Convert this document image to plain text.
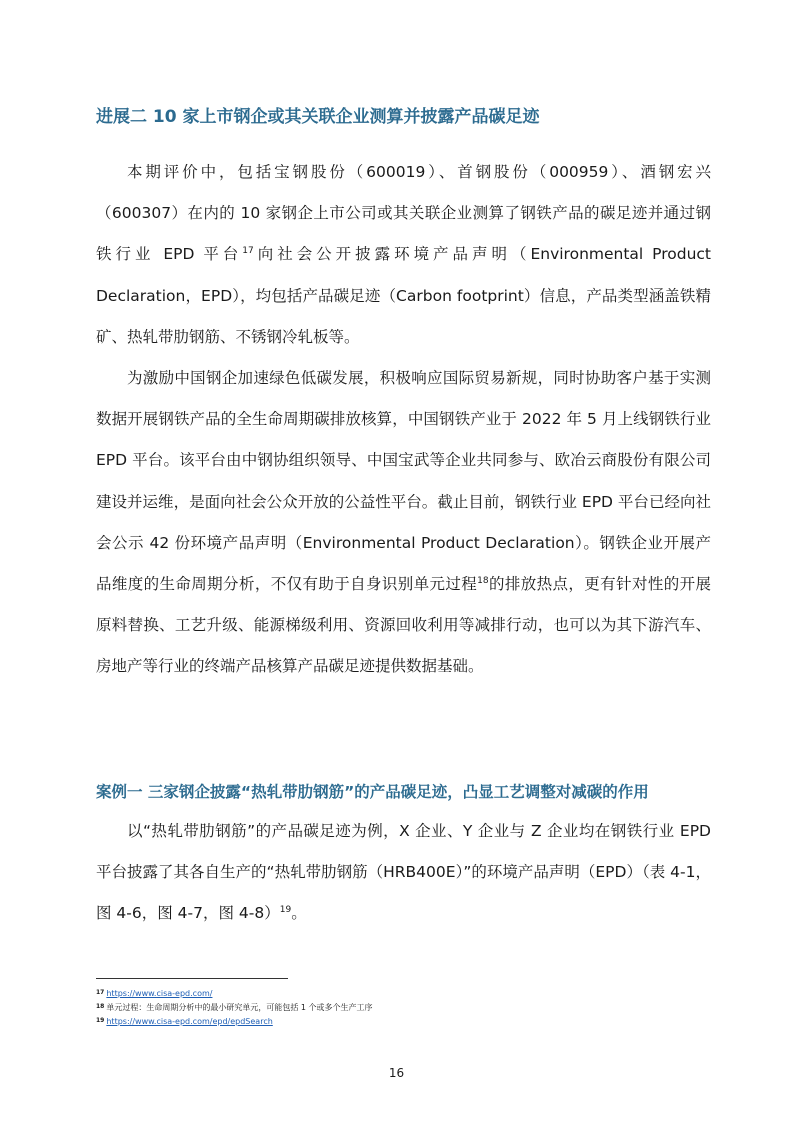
进展二 10 家上市钢企或其关联企业测算并披露产品碳足迹

本期评价中，包括宝钢股份（600019）、首钢股份（000959）、酒钢宏兴（600307）在内的 10 家钢企上市公司或其关联企业测算了钢铁产品的碳足迹并通过钢铁行业 EPD 平台$^{17}$向社会公开披露环境产品声明（Environmental Product Declaration，EPD），均包括产品碳足迹（Carbon footprint）信息，产品类型涵盖铁精矿、热轧带肋钢筋、不锈钢冷轧板等。

为激励中国钢企加速绿色低碳发展，积极响应国际贸易新规，同时协助客户基于实测数据开展钢铁产品的全生命周期碳排放核算，中国钢铁产业于 2022 年 5 月上线钢铁行业 EPD 平台。该平台由中钢协组织领导、中国宝武等企业共同参与、欧冶云商股份有限公司建设并运维，是面向社会公众开放的公益性平台。截止目前，钢铁行业 EPD 平台已经向社会公示 42 份环境产品声明（Environmental Product Declaration）。钢铁企业开展产品维度的生命周期分析，不仅有助于自身识别单元过程$^{18}$的排放热点，更有针对性的开展原料替换、工艺升级、能源梯级利用、资源回收利用等减排行动，也可以为其下游汽车、房地产等行业的终端产品核算产品碳足迹提供数据基础。

案例一 三家钢企披露“热轧带肋钢筋”的产品碳足迹，凸显工艺调整对减碳的作用

以“热轧带肋钢筋”的产品碳足迹为例，X 企业、Y 企业与 Z 企业均在钢铁行业 EPD 平台披露了其各自生产的“热轧带肋钢筋（HRB400E）”的环境产品声明（EPD）（表 4-1，图 4-6，图 4-7，图 4-8）$^{19}$。

$^{17}$ https://www.cisa-epd.com/
$^{18}$ 单元过程：生命周期分析中的最小研究单元，可能包括 1 个或多个生产工序
$^{19}$ https://www.cisa-epd.com/epd/epdSearch
16
